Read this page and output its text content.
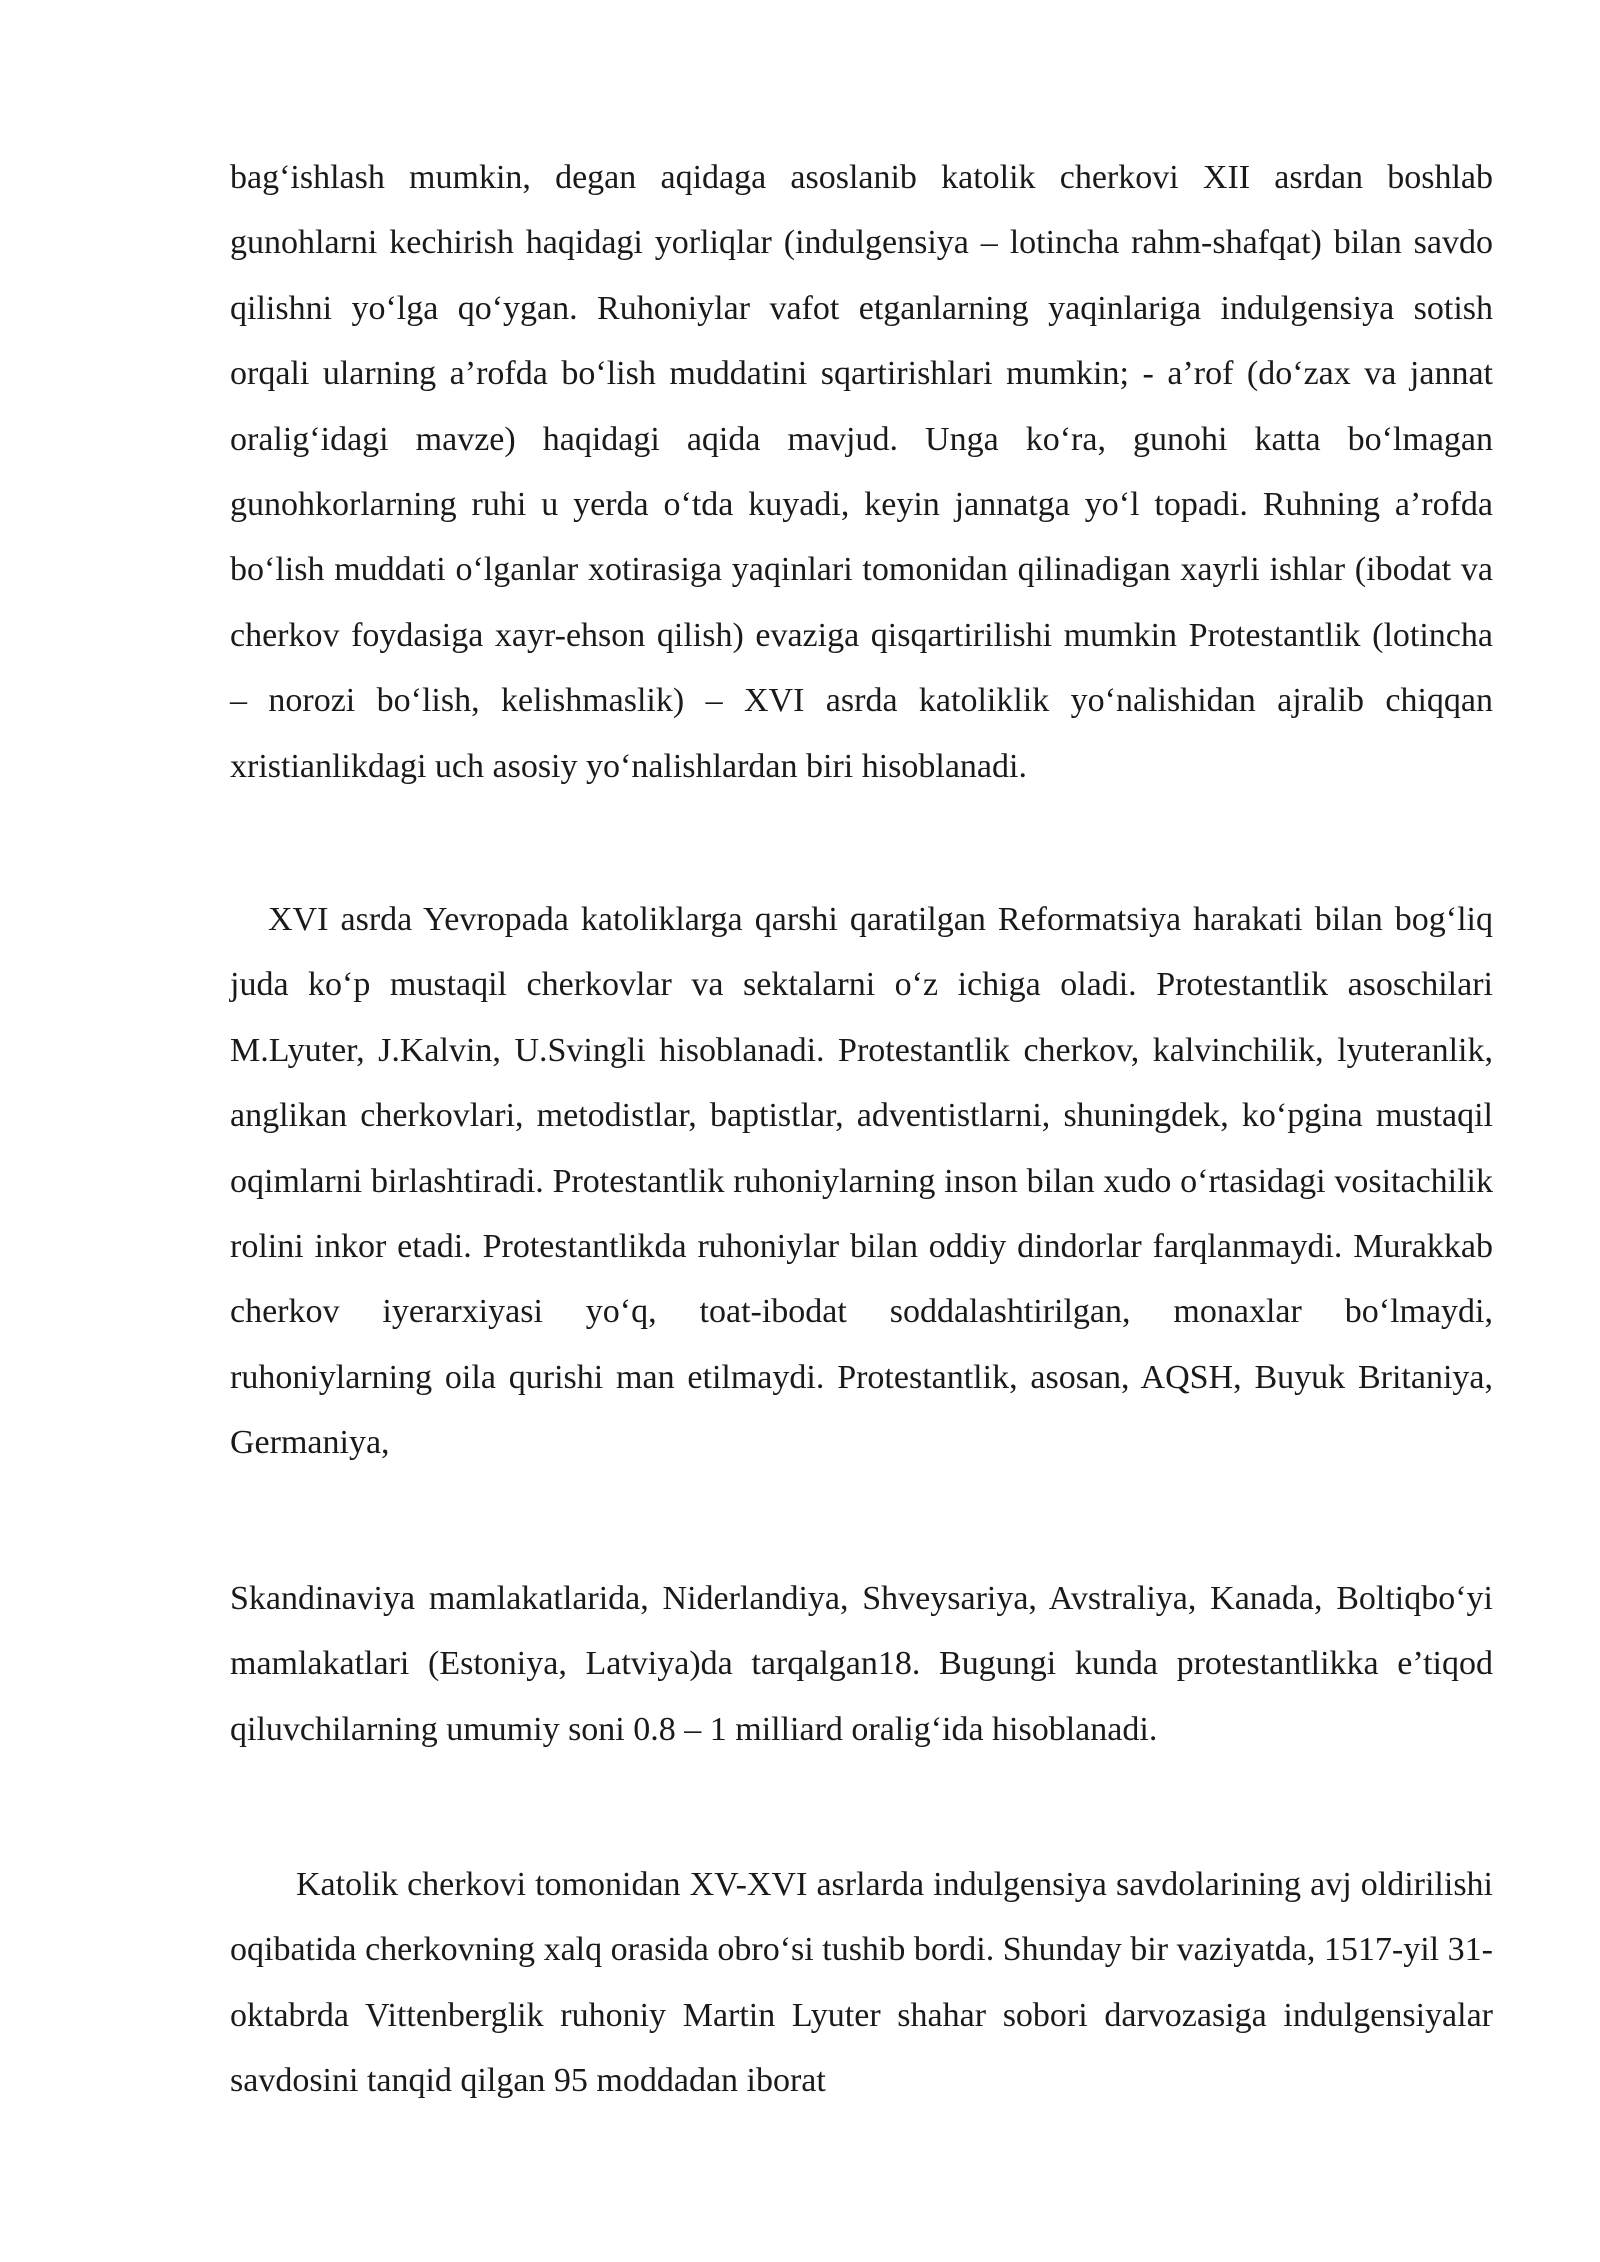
bag‘ishlash mumkin, degan aqidaga asoslanib katolik cherkovi XII asrdan boshlab gunohlarni kechirish haqidagi yorliqlar (indulgensiya – lotincha rahm-shafqat) bilan savdo qilishni yo‘lga qo‘ygan. Ruhoniylar vafot etganlarning yaqinlariga indulgensiya sotish orqali ularning a’rofda bo‘lish muddatini sqartirishlari mumkin; - a’rof (do‘zax va jannat oralig‘idagi mavze) haqidagi aqida mavjud. Unga ko‘ra, gunohi katta bo‘lmagan gunohkorlarning ruhi u yerda o‘tda kuyadi, keyin jannatga yo‘l topadi. Ruhning a’rofda bo‘lish muddati o‘lganlar xotirasiga yaqinlari tomonidan qilinadigan xayrli ishlar (ibodat va cherkov foydasiga xayr-ehson qilish) evaziga qisqartirilishi mumkin Protestantlik (lotincha – norozi bo‘lish, kelishmaslik) – XVI asrda katoliklik yo‘nalishidan ajralib chiqqan xristianlikdagi uch asosiy yo‘nalishlardan biri hisoblanadi.

XVI asrda Yevropada katoliklarga qarshi qaratilgan Reformatsiya harakati bilan bog‘liq juda ko‘p mustaqil cherkovlar va sektalarni o‘z ichiga oladi. Protestantlik asoschilari M.Lyuter, J.Kalvin, U.Svingli hisoblanadi. Protestantlik cherkov, kalvinchilik, lyuteranlik, anglikan cherkovlari, metodistlar, baptistlar, adventistlarni, shuningdek, ko‘pgina mustaqil oqimlarni birlashtiradi. Protestantlik ruhoniylarning inson bilan xudo o‘rtasidagi vositachilik rolini inkor etadi. Protestantlikda ruhoniylar bilan oddiy dindorlar farqlanmaydi. Murakkab cherkov iyerarxiyasi yo‘q, toat-ibodat soddalashtirilgan, monaxlar bo‘lmaydi, ruhoniylarning oila qurishi man etilmaydi. Protestantlik, asosan, AQSH, Buyuk Britaniya, Germaniya,

Skandinaviya mamlakatlarida, Niderlandiya, Shveysariya, Avstraliya, Kanada, Boltiqbo‘yi mamlakatlari (Estoniya, Latviya)da tarqalgan18. Bugungi kunda protestantlikka e’tiqod qiluvchilarning umumiy soni 0.8 – 1 milliard oralig‘ida hisoblanadi.

Katolik cherkovi tomonidan XV-XVI asrlarda indulgensiya savdolarining avj oldirilishi oqibatida cherkovning xalq orasida obro‘si tushib bordi. Shunday bir vaziyatda, 1517-yil 31-oktabrda Vittenberglik ruhoniy Martin Lyuter shahar sobori darvozasiga indulgensiyalar savdosini tanqid qilgan 95 moddadan iborat
